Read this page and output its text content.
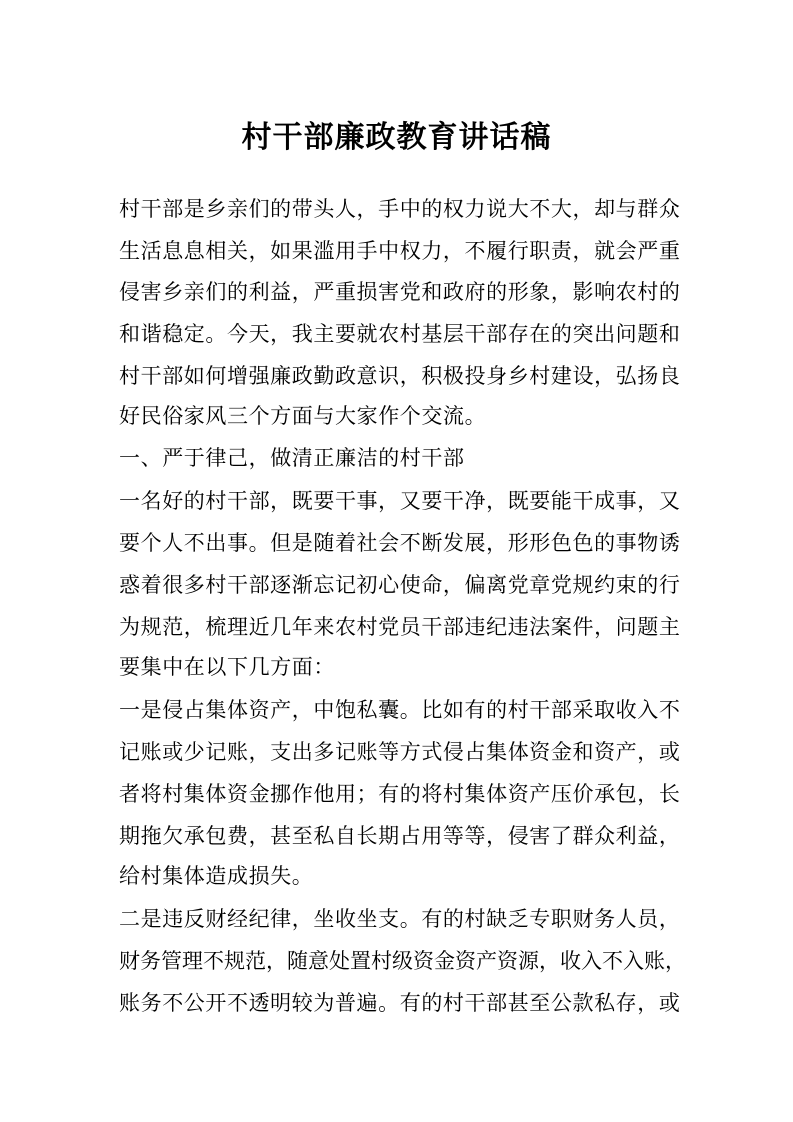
村干部廉政教育讲话稿
村 干 部 是 乡 亲 们 的 带 头 人 ， 手 中 的 权 力 说 大 不 大 ， 却 与 群 众
生 活 息 息 相 关 ， 如 果 滥 用 手 中 权 力 ， 不 履 行 职 责 ， 就 会 严 重
侵 害 乡 亲 们 的 利 益 ， 严 重 损 害 党 和 政 府 的 形 象 ， 影 响 农 村 的
和 谐 稳 定 。 今 天 ， 我 主 要 就 农 村 基 层 干 部 存 在 的 突 出 问 题 和
村 干 部 如 何 增 强 廉 政 勤 政 意 识 ， 积 极 投 身 乡 村 建 设 ， 弘 扬 良
好民俗家风三个方面与大家作个交流。
一、严于律己，做清正廉洁的村干部
一 名 好 的 村 干 部 ， 既 要 干 事 ， 又 要 干 净 ， 既 要 能 干 成 事 ， 又
要 个 人 不 出 事 。 但 是 随 着 社 会 不 断 发 展 ， 形 形 色 色 的 事 物 诱
惑 着 很 多 村 干 部 逐 渐 忘 记 初 心 使 命 ， 偏 离 党 章 党 规 约 束 的 行
为 规 范 ， 梳 理 近 几 年 来 农 村 党 员 干 部 违 纪 违 法 案 件 ， 问 题 主
要集中在以下几方面：
一 是 侵 占 集 体 资 产 ， 中 饱 私 囊 。 比 如 有 的 村 干 部 采 取 收 入 不
记 账 或 少 记 账 ， 支 出 多 记 账 等 方 式 侵 占 集 体 资 金 和 资 产 ， 或
者 将 村 集 体 资 金 挪 作 他 用 ； 有 的 将 村 集 体 资 产 压 价 承 包 ， 长
期 拖 欠 承 包 费 ， 甚 至 私 自 长 期 占 用 等 等 ， 侵 害 了 群 众 利 益 ，
给村集体造成损失。
二 是 违 反 财 经 纪 律 ， 坐 收 坐 支 。 有 的 村 缺 乏 专 职 财 务 人 员 ，
财 务 管 理 不 规 范 ， 随 意 处 置 村 级 资 金 资 产 资 源 ， 收 入 不 入 账 ，
账 务 不 公 开 不 透 明 较 为 普 遍 。 有 的 村 干 部 甚 至 公 款 私 存 ， 或
